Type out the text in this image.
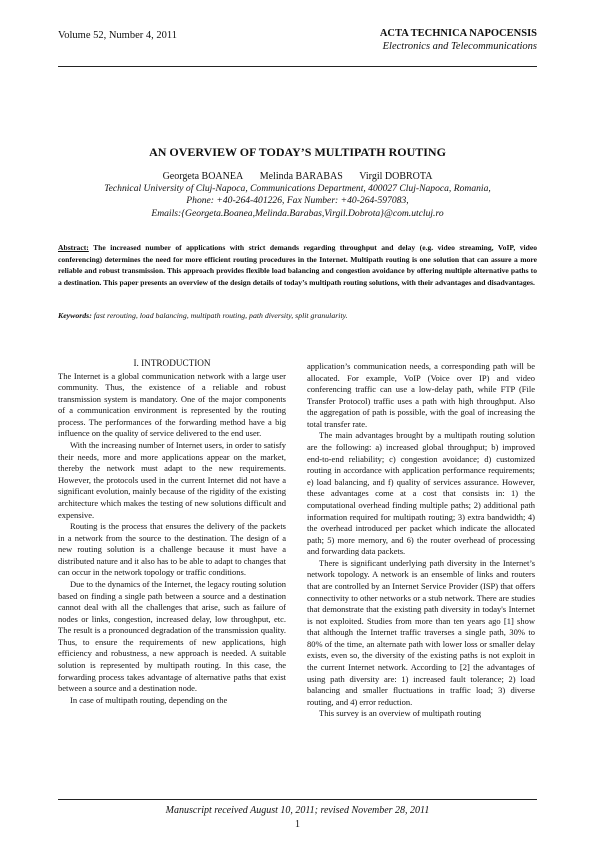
Volume 52, Number 4, 2011	ACTA TECHNICA NAPOCENSIS
Electronics and Telecommunications
AN OVERVIEW OF TODAY’S MULTIPATH ROUTING
Georgeta BOANEA Melinda BARABAS Virgil DOBROTA
Technical University of Cluj-Napoca, Communications Department, 400027 Cluj-Napoca, Romania,
Phone: +40-264-401226, Fax Number: +40-264-597083,
Emails:{Georgeta.Boanea,Melinda.Barabas,Virgil.Dobrota}@com.utcluj.ro
Abstract: The increased number of applications with strict demands regarding throughput and delay (e.g. video streaming, VoIP, video conferencing) determines the need for more efficient routing procedures in the Internet. Multipath routing is one solution that can assure a more reliable and robust transmission. This approach provides flexible load balancing and congestion avoidance by offering multiple alternative paths to a destination. This paper presents an overview of the design details of today’s multipath routing solutions, with their advantages and disadvantages.
Keywords: fast rerouting, load balancing, multipath routing, path diversity, split granularity.
I. INTRODUCTION

The Internet is a global communication network with a large user community. Thus, the existence of a reliable and robust transmission system is mandatory. One of the major components of a communication environment is represented by the routing process. The performances of the forwarding method have a big influence on the quality of service delivered to the end user.

With the increasing number of Internet users, in order to satisfy their needs, more and more applications appear on the market, thereby the network must adapt to the new requirements. However, the protocols used in the current Internet did not have a significant evolution, mainly because of the rigidity of the existing architecture which makes the testing of new solutions difficult and expensive.

Routing is the process that ensures the delivery of the packets in a network from the source to the destination. The design of a new routing solution is a challenge because it must have a distributed nature and it also has to be able to adapt to changes that can occur in the network topology or traffic conditions.

Due to the dynamics of the Internet, the legacy routing solution based on finding a single path between a source and a destination cannot deal with all the challenges that arise, such as failure of nodes or links, congestion, increased delay, low throughput, etc. The result is a pronounced degradation of the transmission quality. Thus, to ensure the requirements of new applications, high efficiency and robustness, a new approach is needed. A suitable solution is represented by multipath routing. In this case, the forwarding process takes advantage of alternative paths that exist between a source and a destination node.

In case of multipath routing, depending on the

application’s communication needs, a corresponding path will be allocated. For example, VoIP (Voice over IP) and video conferencing traffic can use a low-delay path, while FTP (File Transfer Protocol) traffic uses a path with high throughput. Also the aggregation of path is possible, with the goal of increasing the total transfer rate.

The main advantages brought by a multipath routing solution are the following: a) increased global throughput; b) improved end-to-end reliability; c) congestion avoidance; d) customized routing in accordance with application performance requirements; e) load balancing, and f) quality of services assurance. However, these advantages come at a cost that consists in: 1) the computational overhead finding multiple paths; 2) additional path information required for multipath routing; 3) extra bandwidth; 4) the overhead introduced per packet which indicate the allocated path; 5) more memory, and 6) the router overhead of processing and forwarding data packets.

There is significant underlying path diversity in the Internet’s network topology. A network is an ensemble of links and routers that are controlled by an Internet Service Provider (ISP) that offers connectivity to other networks or a stub network. There are studies that demonstrate that the existing path diversity in today's Internet is not exploited. Studies from more than ten years ago [1] show that although the Internet traffic traverses a single path, 30% to 80% of the time, an alternate path with lower loss or smaller delay exists, even so, the diversity of the existing paths is not exploit in the current Internet network. According to [2] the advantages of using path diversity are: 1) increased fault tolerance; 2) load balancing and smaller fluctuations in traffic load; 3) diverse routing, and 4) error reduction.

This survey is an overview of multipath routing

Manuscript received August 10, 2011; revised November 28, 2011
1
